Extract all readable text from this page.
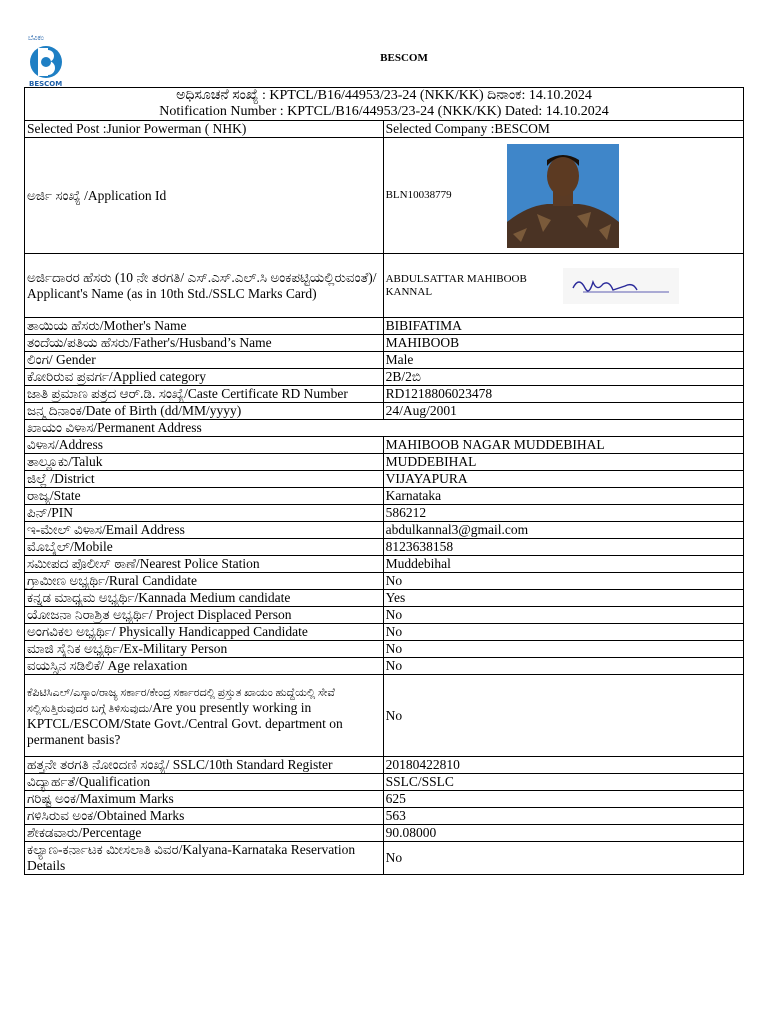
ಬೆವಿಕಂ
BESCOM
BESCOM
ಅಧಿಸೂಚನೆ ಸಂಖ್ಯೆ : KPTCL/B16/44953/23-24 (NKK/KK) ದಿನಾಂಕ: 14.10.2024
Notification Number : KPTCL/B16/44953/23-24 (NKK/KK) Dated: 14.10.2024	

Selected Post :Junior Powerman ( NHK)	Selected Company :BESCOM
ಅರ್ಜಿ ಸಂಖ್ಯೆ /Application Id	BLN10038779

ಅರ್ಜಿದಾರರ ಹೆಸರು (10 ನೇ ತರಗತಿ/ ಎಸ್.ಎಸ್.ಎಲ್.ಸಿ ಅಂಕಪಟ್ಟಿಯಲ್ಲಿರುವಂತೆ)/ Applicant's Name (as in 10th Std./SSLC Marks Card)	ABDULSATTAR MAHIBOOB KANNAL

ತಾಯಿಯ ಹೆಸರು/Mother's Name	BIBIFATIMA
ತಂದೆಯ/ಪತಿಯ ಹೆಸರು/Father's/Husband’s Name	MAHIBOOB
ಲಿಂಗ/ Gender	Male
ಕೋರಿರುವ ಪ್ರವರ್ಗ/Applied category	2B/2ಬಿ
ಜಾತಿ ಪ್ರಮಾಣ ಪತ್ರದ ಆರ್.ಡಿ. ಸಂಖ್ಯೆ/Caste Certificate RD Number	RD1218806023478
ಜನ್ಮ ದಿನಾಂಕ/Date of Birth (dd/MM/yyyy)	24/Aug/2001
ಖಾಯಂ ವಿಳಾಸ/Permanent Address	
ವಿಳಾಸ/Address	MAHIBOOB NAGAR MUDDEBIHAL
ತಾಲ್ಲೂಕು/Taluk	MUDDEBIHAL
ಜಿಲ್ಲೆ /District	VIJAYAPURA
ರಾಜ್ಯ/State	Karnataka
ಪಿನ್/PIN	586212
ಇ-ಮೇಲ್ ವಿಳಾಸ/Email Address	abdulkannal3@gmail.com
ಮೊಬೈಲ್/Mobile	8123638158
ಸಮೀಪದ ಪೊಲೀಸ್ ಠಾಣೆ/Nearest Police Station	Muddebihal
ಗ್ರಾಮೀಣ ಅಭ್ಯರ್ಥಿ/Rural Candidate	No
ಕನ್ನಡ ಮಾಧ್ಯಮ ಅಭ್ಯರ್ಥಿ/Kannada Medium candidate	Yes
ಯೋಜನಾ ನಿರಾಶ್ರಿತ ಅಭ್ಯರ್ಥಿ/ Project Displaced Person	No
ಅಂಗವಿಕಲ ಅಭ್ಯರ್ಥಿ/ Physically Handicapped Candidate	No
ಮಾಜಿ ಸೈನಿಕ ಅಭ್ಯರ್ಥಿ/Ex-Military Person	No
ವಯಸ್ಸಿನ ಸಡಿಲಿಕೆ/ Age relaxation	No
ಕೆಪಿಟಿಸಿಎಲ್/ಎಸ್ಕಾಂ/ರಾಜ್ಯ ಸರ್ಕಾರ/ಕೇಂದ್ರ ಸರ್ಕಾರದಲ್ಲಿ ಪ್ರಸ್ತುತ ಖಾಯಂ ಹುದ್ದೆಯಲ್ಲಿ ಸೇವೆ ಸಲ್ಲಿಸುತ್ತಿರುವುದರ ಬಗ್ಗೆ ತಿಳಿಸುವುದು/Are you presently working in KPTCL/ESCOM/State Govt./Central Govt. department on permanent basis?	No
ಹತ್ತನೇ ತರಗತಿ ನೋಂದಣಿ ಸಂಖ್ಯೆ/ SSLC/10th Standard Register	20180422810
ವಿದ್ಯಾರ್ಹತೆ/Qualification	SSLC/SSLC
ಗರಿಷ್ಟ ಅಂಕ/Maximum Marks	625
ಗಳಿಸಿರುವ ಅಂಕ/Obtained Marks	563
ಶೇಕಡವಾರು/Percentage	90.08000
ಕಲ್ಯಾಣ-ಕರ್ನಾಟಕ ಮೀಸಲಾತಿ ವಿವರ/Kalyana-Karnataka Reservation Details	No
